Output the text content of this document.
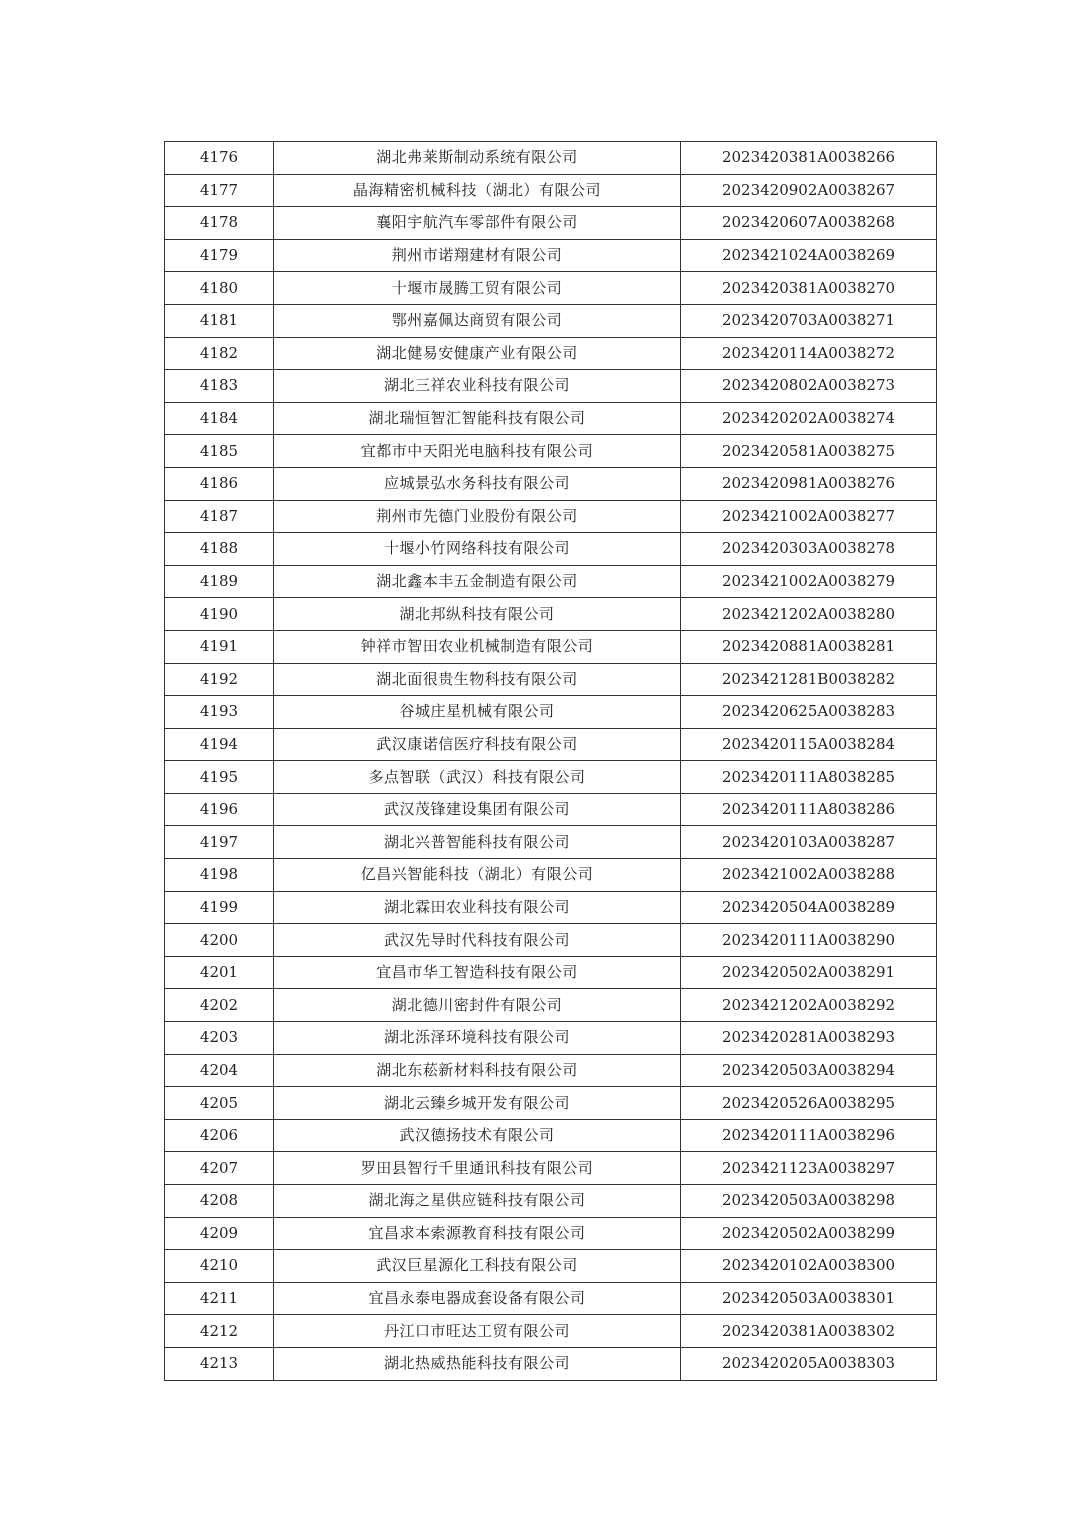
4176	湖北弗莱斯制动系统有限公司	2023420381A0038266
4177	晶海精密机械科技（湖北）有限公司	2023420902A0038267
4178	襄阳宇航汽车零部件有限公司	2023420607A0038268
4179	荆州市诺翔建材有限公司	2023421024A0038269
4180	十堰市晟腾工贸有限公司	2023420381A0038270
4181	鄂州嘉佩达商贸有限公司	2023420703A0038271
4182	湖北健易安健康产业有限公司	2023420114A0038272
4183	湖北三祥农业科技有限公司	2023420802A0038273
4184	湖北瑞恒智汇智能科技有限公司	2023420202A0038274
4185	宜都市中天阳光电脑科技有限公司	2023420581A0038275
4186	应城景弘水务科技有限公司	2023420981A0038276
4187	荆州市先德门业股份有限公司	2023421002A0038277
4188	十堰小竹网络科技有限公司	2023420303A0038278
4189	湖北鑫本丰五金制造有限公司	2023421002A0038279
4190	湖北邦纵科技有限公司	2023421202A0038280
4191	钟祥市智田农业机械制造有限公司	2023420881A0038281
4192	湖北面很贵生物科技有限公司	2023421281B0038282
4193	谷城庄星机械有限公司	2023420625A0038283
4194	武汉康诺信医疗科技有限公司	2023420115A0038284
4195	多点智联（武汉）科技有限公司	2023420111A8038285
4196	武汉茂锋建设集团有限公司	2023420111A8038286
4197	湖北兴普智能科技有限公司	2023420103A0038287
4198	亿昌兴智能科技（湖北）有限公司	2023421002A0038288
4199	湖北霖田农业科技有限公司	2023420504A0038289
4200	武汉先导时代科技有限公司	2023420111A0038290
4201	宜昌市华工智造科技有限公司	2023420502A0038291
4202	湖北德川密封件有限公司	2023421202A0038292
4203	湖北泺泽环境科技有限公司	2023420281A0038293
4204	湖北东菘新材料科技有限公司	2023420503A0038294
4205	湖北云臻乡城开发有限公司	2023420526A0038295
4206	武汉德扬技术有限公司	2023420111A0038296
4207	罗田县智行千里通讯科技有限公司	2023421123A0038297
4208	湖北海之星供应链科技有限公司	2023420503A0038298
4209	宜昌求本索源教育科技有限公司	2023420502A0038299
4210	武汉巨星源化工科技有限公司	2023420102A0038300
4211	宜昌永泰电器成套设备有限公司	2023420503A0038301
4212	丹江口市旺达工贸有限公司	2023420381A0038302
4213	湖北热威热能科技有限公司	2023420205A0038303
